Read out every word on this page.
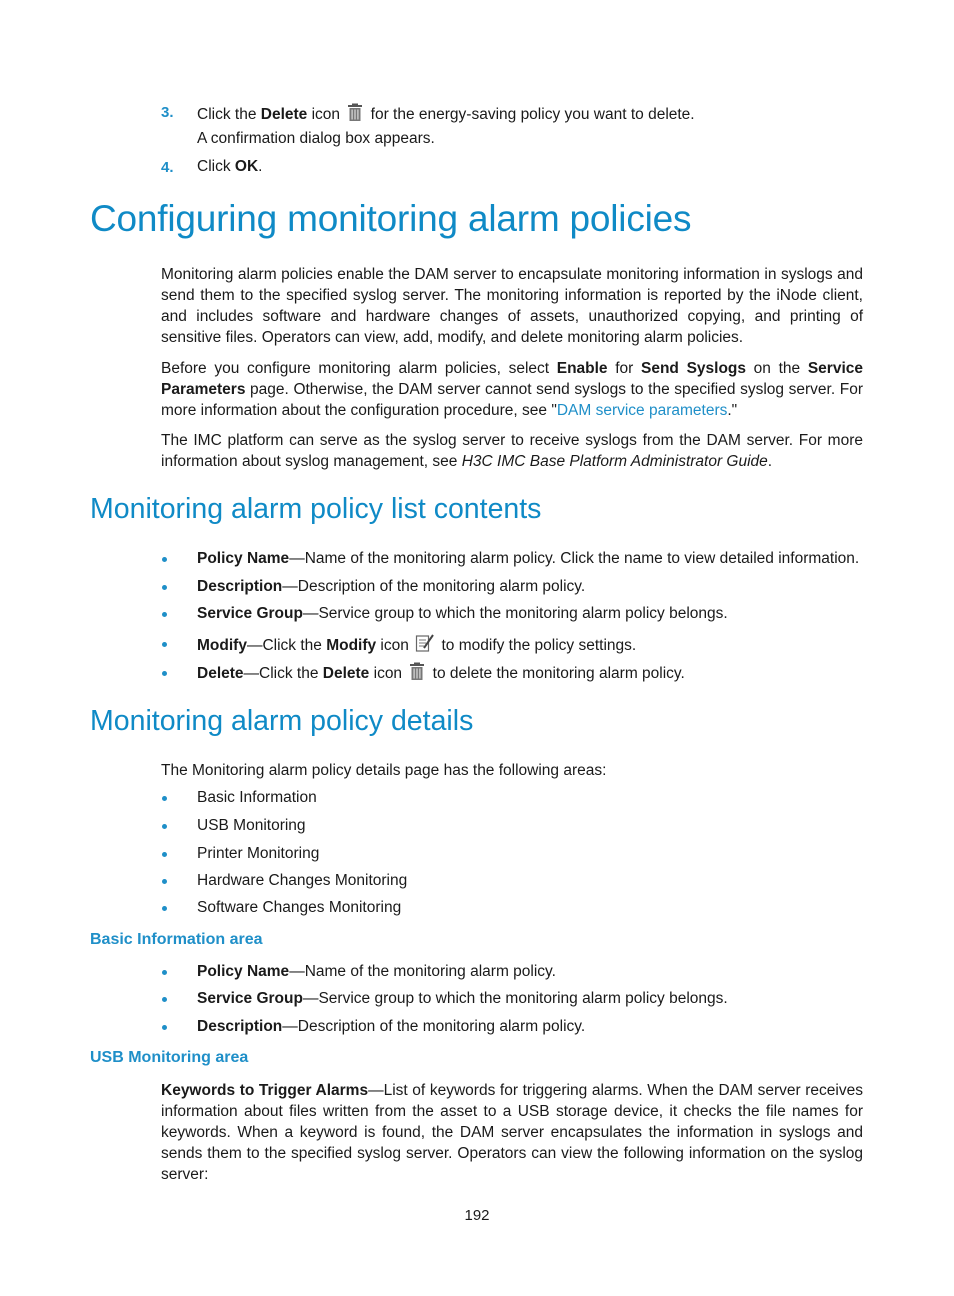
3. Click the Delete icon  for the energy-saving policy you want to delete.
A confirmation dialog box appears.
4. Click OK.
Configuring monitoring alarm policies
Monitoring alarm policies enable the DAM server to encapsulate monitoring information in syslogs and send them to the specified syslog server. The monitoring information is reported by the iNode client, and includes software and hardware changes of assets, unauthorized copying, and printing of sensitive files. Operators can view, add, modify, and delete monitoring alarm policies.
Before you configure monitoring alarm policies, select Enable for Send Syslogs on the Service Parameters page. Otherwise, the DAM server cannot send syslogs to the specified syslog server. For more information about the configuration procedure, see "DAM service parameters."
The IMC platform can serve as the syslog server to receive syslogs from the DAM server. For more information about syslog management, see H3C IMC Base Platform Administrator Guide.
Monitoring alarm policy list contents
Policy Name—Name of the monitoring alarm policy. Click the name to view detailed information.
Description—Description of the monitoring alarm policy.
Service Group—Service group to which the monitoring alarm policy belongs.
Modify—Click the Modify icon  to modify the policy settings.
Delete—Click the Delete icon  to delete the monitoring alarm policy.
Monitoring alarm policy details
The Monitoring alarm policy details page has the following areas:
Basic Information
USB Monitoring
Printer Monitoring
Hardware Changes Monitoring
Software Changes Monitoring
Basic Information area
Policy Name—Name of the monitoring alarm policy.
Service Group—Service group to which the monitoring alarm policy belongs.
Description—Description of the monitoring alarm policy.
USB Monitoring area
Keywords to Trigger Alarms—List of keywords for triggering alarms. When the DAM server receives information about files written from the asset to a USB storage device, it checks the file names for keywords. When a keyword is found, the DAM server encapsulates the information in syslogs and sends them to the specified syslog server. Operators can view the following information on the syslog server:
192
